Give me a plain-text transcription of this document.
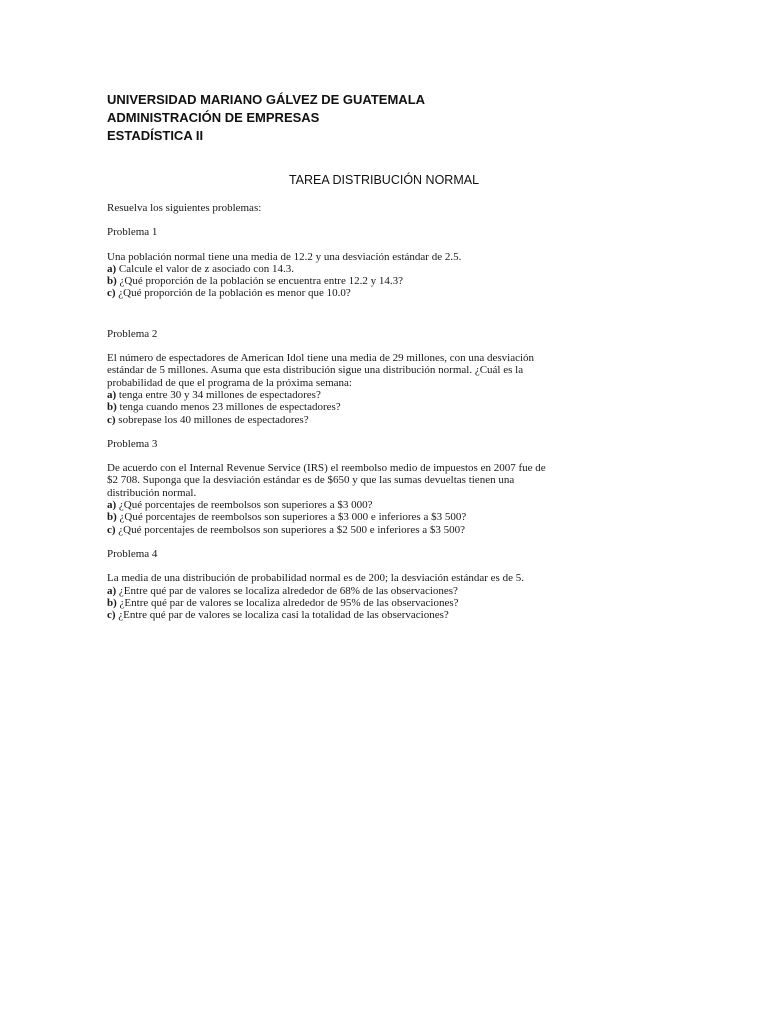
UNIVERSIDAD MARIANO GÁLVEZ DE GUATEMALA
ADMINISTRACIÓN DE EMPRESAS
ESTADÍSTICA II
TAREA DISTRIBUCIÓN NORMAL

Resuelva los siguientes problemas:

Problema 1

Una población normal tiene una media de 12.2 y una desviación estándar de 2.5.

a) Calcule el valor de z asociado con 14.3.

b) ¿Qué proporción de la población se encuentra entre 12.2 y 14.3?

c) ¿Qué proporción de la población es menor que 10.0?

Problema 2

El número de espectadores de American Idol tiene una media de 29 millones, con una desviación estándar de 5 millones. Asuma que esta distribución sigue una distribución normal. ¿Cuál es la probabilidad de que el programa de la próxima semana:

a) tenga entre 30 y 34 millones de espectadores?

b) tenga cuando menos 23 millones de espectadores?

c) sobrepase los 40 millones de espectadores?

Problema 3

De acuerdo con el Internal Revenue Service (IRS) el reembolso medio de impuestos en 2007 fue de $2 708. Suponga que la desviación estándar es de $650 y que las sumas devueltas tienen una distribución normal.

a) ¿Qué porcentajes de reembolsos son superiores a $3 000?

b) ¿Qué porcentajes de reembolsos son superiores a $3 000 e inferiores a $3 500?

c) ¿Qué porcentajes de reembolsos son superiores a $2 500 e inferiores a $3 500?

Problema 4

La media de una distribución de probabilidad normal es de 200; la desviación estándar es de 5.

a) ¿Entre qué par de valores se localiza alrededor de 68% de las observaciones?

b) ¿Entre qué par de valores se localiza alrededor de 95% de las observaciones?

c) ¿Entre qué par de valores se localiza casi la totalidad de las observaciones?
